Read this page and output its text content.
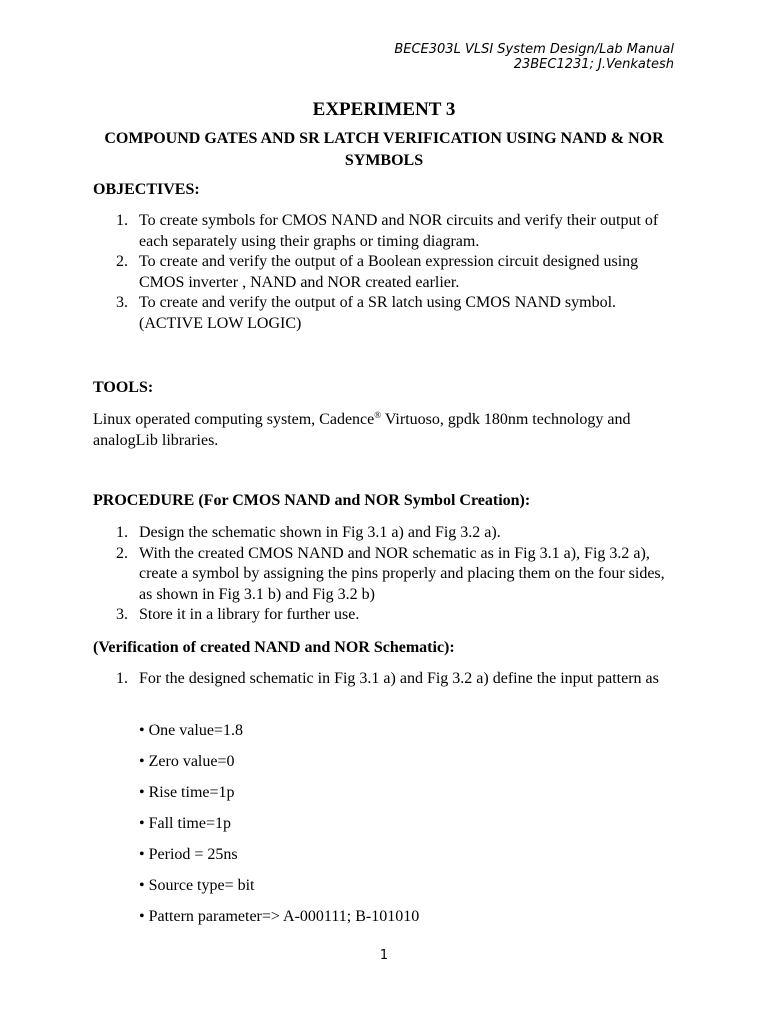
BECE303L VLSI System Design/Lab Manual
23BEC1231; J.Venkatesh
EXPERIMENT 3
COMPOUND GATES AND SR LATCH VERIFICATION USING NAND & NOR SYMBOLS
OBJECTIVES:
1. To create symbols for CMOS NAND and NOR circuits and verify their output of each separately using their graphs or timing diagram.
2. To create and verify the output of a Boolean expression circuit designed using CMOS inverter , NAND and NOR created earlier.
3. To create and verify the output of a SR latch using CMOS NAND symbol. (ACTIVE LOW LOGIC)
TOOLS:
Linux operated computing system, Cadence® Virtuoso, gpdk 180nm technology and analogLib libraries.
PROCEDURE (For CMOS NAND and NOR Symbol Creation):
1. Design the schematic shown in Fig 3.1 a) and Fig 3.2 a).
2. With the created CMOS NAND and NOR schematic as in Fig 3.1 a), Fig 3.2 a), create a symbol by assigning the pins properly and placing them on the four sides, as shown in Fig 3.1 b) and Fig 3.2 b)
3. Store it in a library for further use.
(Verification of created NAND and NOR Schematic):
1. For the designed schematic in Fig 3.1 a) and Fig 3.2 a) define the input pattern as
• One value=1.8
• Zero value=0
• Rise time=1p
• Fall time=1p
• Period = 25ns
• Source type= bit
• Pattern parameter=> A-000111; B-101010
1
